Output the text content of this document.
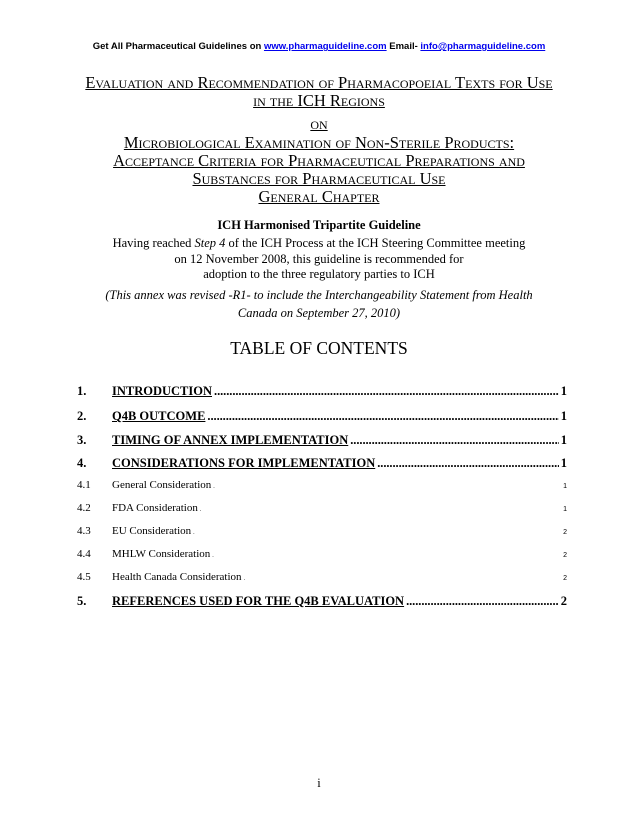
Get All Pharmaceutical Guidelines on www.pharmaguideline.com Email- info@pharmaguideline.com
Evaluation and Recommendation of Pharmacopoeial Texts for Use
in the ICH Regions
on
Microbiological Examination of Non-Sterile Products:
Acceptance Criteria for Pharmaceutical Preparations and
Substances for Pharmaceutical Use
General Chapter
ICH Harmonised Tripartite Guideline
Having reached Step 4 of the ICH Process at the ICH Steering Committee meeting
on 12 November 2008, this guideline is recommended for
adoption to the three regulatory parties to ICH
(This annex was revised -R1- to include the Interchangeability Statement from Health
Canada on September 27, 2010)
TABLE OF CONTENTS
1.	INTRODUCTION . . .	1
2.	Q4B OUTCOME . . .	1
3.	TIMING OF ANNEX IMPLEMENTATION . . .	1
4.	CONSIDERATIONS FOR IMPLEMENTATION . . .	1
4.1	General Consideration . . .	1
4.2	FDA Consideration . . .	1
4.3	EU Consideration . . .	2
4.4	MHLW Consideration . . .	2
4.5	Health Canada Consideration . . .	2
5.	REFERENCES USED FOR THE Q4B EVALUATION . . .	2
i
